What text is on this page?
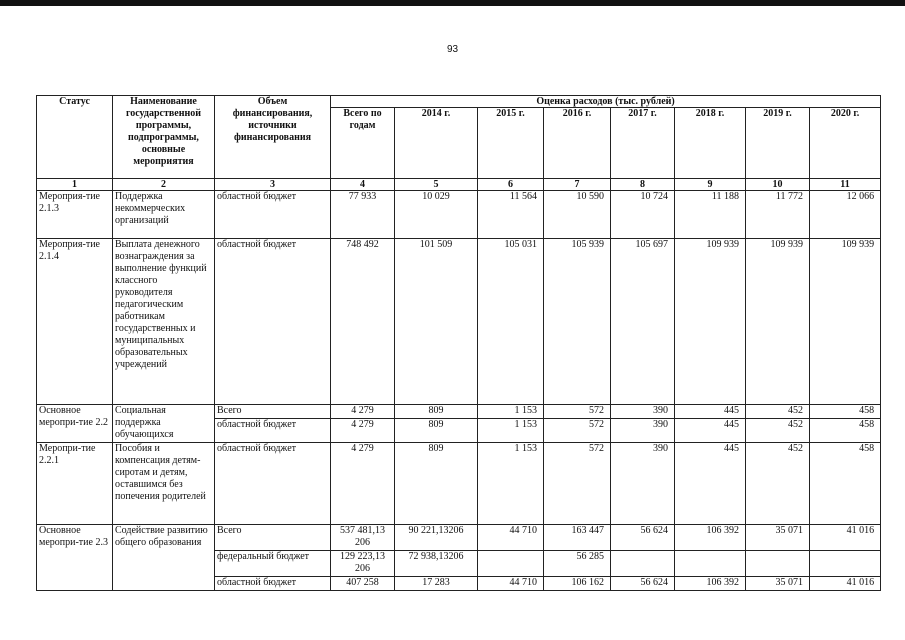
93
Статус	Наименование государственной программы, подпрограммы, основные мероприятия	Объем финансирования, источники финансирования	Оценка расходов (тыс. рублей)							
			Всего по годам	2014 г.	2015 г.	2016 г.	2017 г.	2018 г.	2019 г.	2020 г.
1	2	3	4	5	6	7	8	9	10	11
Мероприя-тие 2.1.3	Поддержка некоммерческих организаций	областной бюджет	77 933	10 029	11 564	10 590	10 724	11 188	11 772	12 066
Мероприя-тие 2.1.4	Выплата денежного вознаграждения за выполнение функций классного руководителя педагогическим работникам государственных и муниципальных образовательных учреждений	областной бюджет	748 492	101 509	105 031	105 939	105 697	109 939	109 939	109 939
Основное меропри-тие 2.2	Социальная поддержка обучающихся	Всего	4 279	809	1 153	572	390	445	452	458
		областной бюджет	4 279	809	1 153	572	390	445	452	458
Меропри-тие 2.2.1	Пособия и компенсация детям-сиротам и детям, оставшимся без попечения родителей	областной бюджет	4 279	809	1 153	572	390	445	452	458
Основное меропри-тие 2.3	Содействие развитию общего образования	Всего	537 481,13 206	90 221,13206	44 710	163 447	56 624	106 392	35 071	41 016
		федеральный бюджет	129 223,13 206	72 938,13206		56 285				
		областной бюджет	407 258	17 283	44 710	106 162	56 624	106 392	35 071	41 016
